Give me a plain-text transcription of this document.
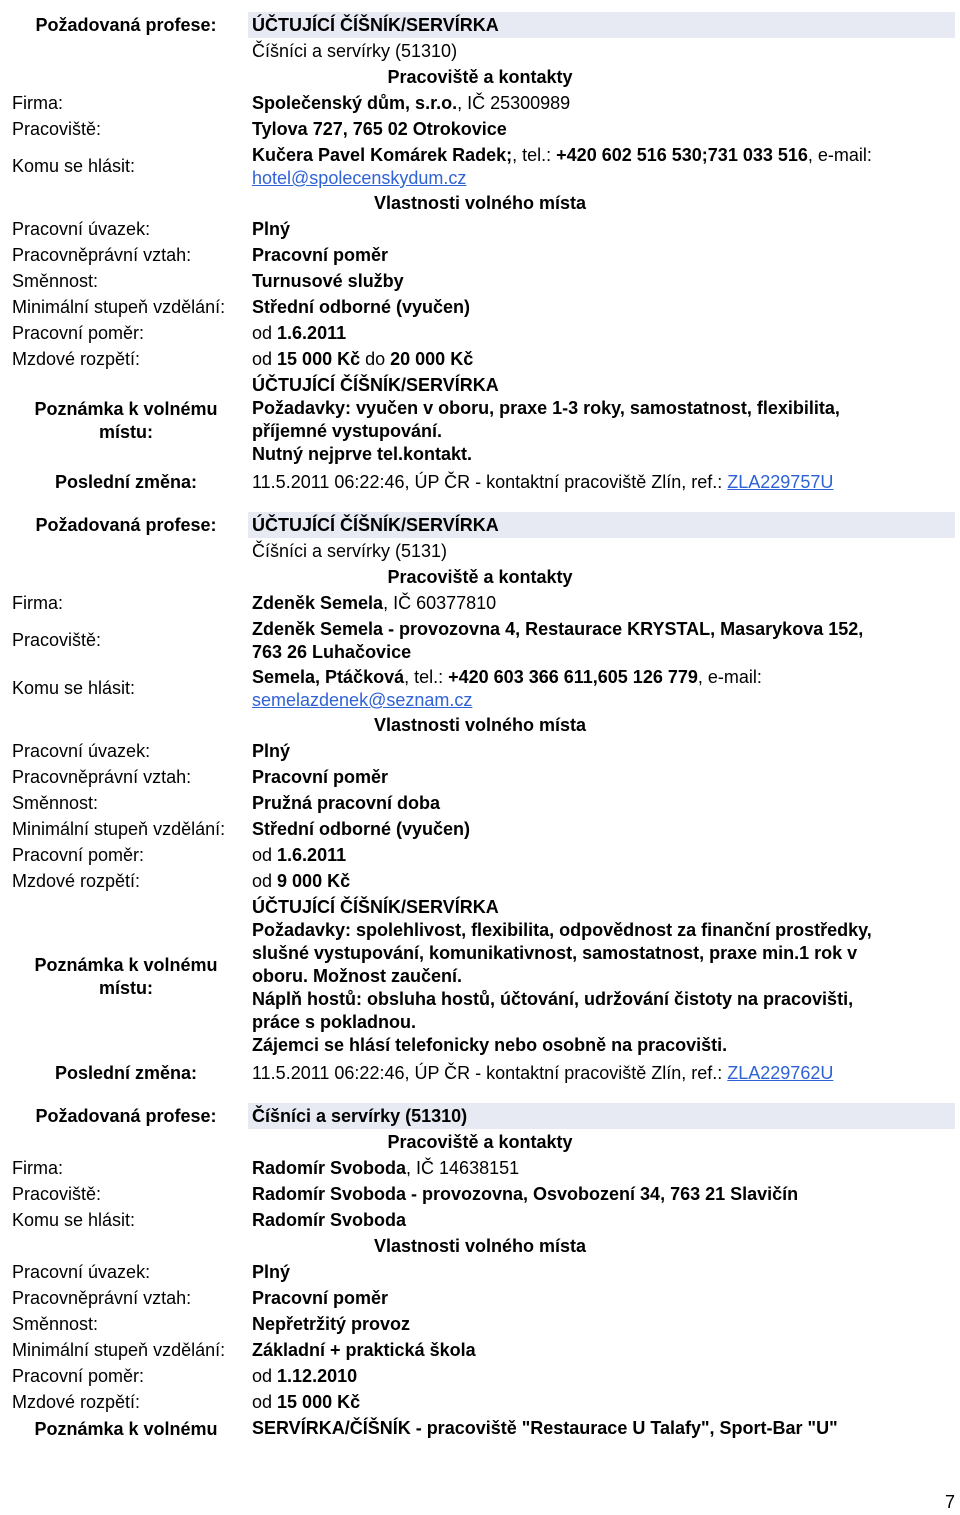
Požadovaná profese:	ÚČTUJÍCÍ ČÍŠNÍK/SERVÍRKA
Číšníci a servírky (51310)
Pracoviště a kontakty
Firma:	Společenský dům, s.r.o., IČ 25300989
Pracoviště:	Tylova 727, 765 02 Otrokovice
Komu se hlásit:
Kučera Pavel Komárek Radek;, tel.: +420 602 516 530;731 033 516, e-mail:
hotel@spolecenskydum.cz
Vlastnosti volného místa
Pracovní úvazek:	Plný
Pracovněprávní vztah:	Pracovní poměr
Směnnost:	Turnusové služby
Minimální stupeň vzdělání:	Střední odborné (vyučen)
Pracovní poměr:	od 1.6.2011
Mzdové rozpětí:	od 15 000 Kč do 20 000 Kč
Poznámka k volnému
místu:
ÚČTUJÍCÍ ČÍŠNÍK/SERVÍRKA
Požadavky: vyučen v oboru, praxe 1-3 roky, samostatnost, flexibilita,
příjemné vystupování.
Nutný nejprve tel.kontakt.
Poslední změna:	11.5.2011 06:22:46, ÚP ČR - kontaktní pracoviště Zlín, ref.: ZLA229757U
Požadovaná profese:	ÚČTUJÍCÍ ČÍŠNÍK/SERVÍRKA
Číšníci a servírky (5131)
Pracoviště a kontakty
Firma:	Zdeněk Semela, IČ 60377810
Pracoviště:
Zdeněk Semela - provozovna 4, Restaurace KRYSTAL, Masarykova 152,
763 26 Luhačovice
Komu se hlásit:
Semela, Ptáčková, tel.: +420 603 366 611,605 126 779, e-mail:
semelazdenek@seznam.cz
Vlastnosti volného místa
Pracovní úvazek:	Plný
Pracovněprávní vztah:	Pracovní poměr
Směnnost:	Pružná pracovní doba
Minimální stupeň vzdělání:	Střední odborné (vyučen)
Pracovní poměr:	od 1.6.2011
Mzdové rozpětí:	od 9 000 Kč
Poznámka k volnému
místu:
ÚČTUJÍCÍ ČÍŠNÍK/SERVÍRKA
Požadavky: spolehlivost, flexibilita, odpovědnost za finanční prostředky,
slušné vystupování, komunikativnost, samostatnost, praxe min.1 rok v
oboru. Možnost zaučení.
Náplň hostů: obsluha hostů, účtování, udržování čistoty na pracovišti,
práce s pokladnou.
Zájemci se hlásí telefonicky nebo osobně na pracovišti.
Poslední změna:	11.5.2011 06:22:46, ÚP ČR - kontaktní pracoviště Zlín, ref.: ZLA229762U
Požadovaná profese:	Číšníci a servírky (51310)
Pracoviště a kontakty
Firma:	Radomír Svoboda, IČ 14638151
Pracoviště:	Radomír Svoboda - provozovna, Osvobození 34, 763 21 Slavičín
Komu se hlásit:	Radomír Svoboda
Vlastnosti volného místa
Pracovní úvazek:	Plný
Pracovněprávní vztah:	Pracovní poměr
Směnnost:	Nepřetržitý provoz
Minimální stupeň vzdělání:	Základní + praktická škola
Pracovní poměr:	od 1.12.2010
Mzdové rozpětí:	od 15 000 Kč
Poznámka k volnému	SERVÍRKA/ČÍŠNÍK - pracoviště "Restaurace U Talafy", Sport-Bar "U"
7
